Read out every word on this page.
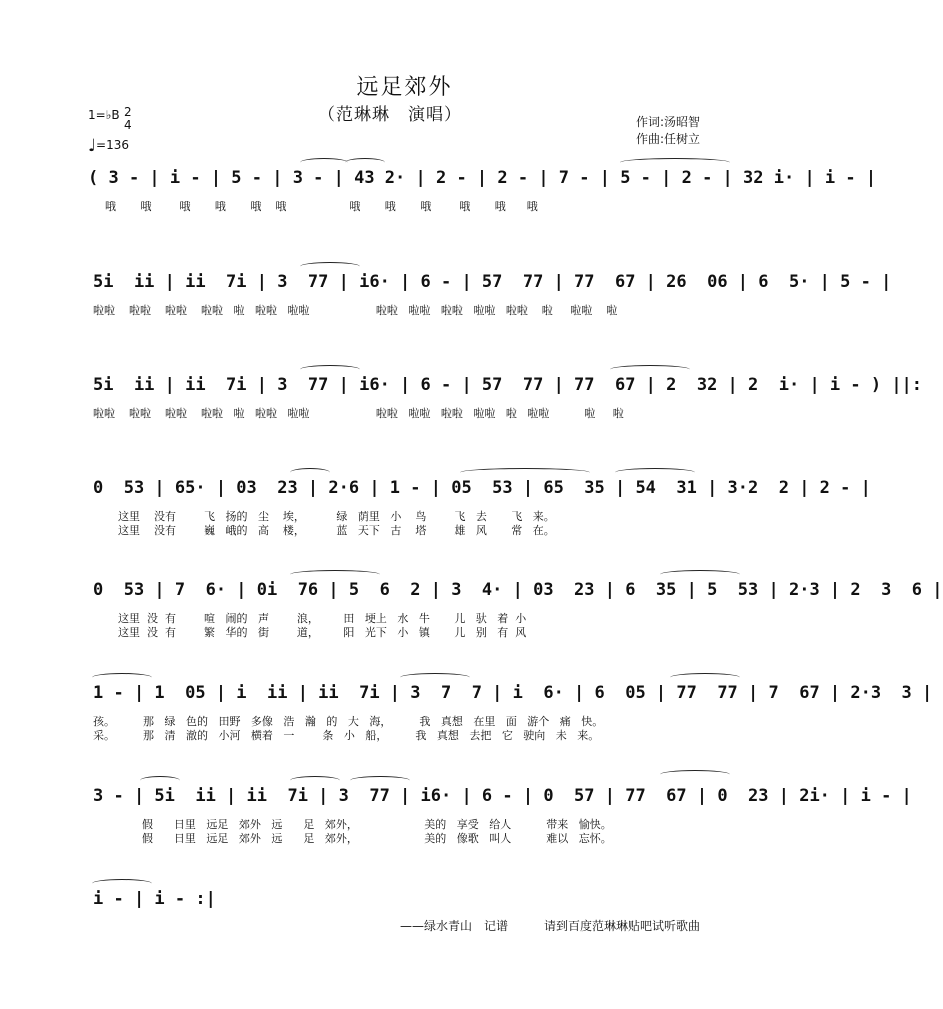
远足郊外
（范琳琳　演唱）	作词:汤昭智
作曲:任树立
1=♭B 2
4
♩=136
( 3 - | i - | 5 - | 3 - | 43 2· | 2 - | 2 - | 7 - | 5 - | 2 - | 32 i· | i - |
哦       哦        哦       哦       哦    哦                  哦       哦       哦        哦       哦      哦
5i  ii | ii  7i | 3  77 | i6· | 6 - | 57  77 | 77  67 | 26  06 | 6  5· | 5 - |
啦啦    啦啦    啦啦    啦啦   啦   啦啦   啦啦                   啦啦   啦啦   啦啦   啦啦   啦啦    啦     啦啦    啦
5i  ii | ii  7i | 3  77 | i6· | 6 - | 57  77 | 77  67 | 2  32 | 2  i· | i - ) ||:
啦啦    啦啦    啦啦    啦啦   啦   啦啦   啦啦                   啦啦   啦啦   啦啦   啦啦   啦   啦啦          啦     啦
0  53 | 65· | 03  23 | 2·6 | 1 - | 05  53 | 65  35 | 54  31 | 3·2  2 | 2 - |
这里    没有        飞   扬的   尘    埃，         绿   荫里   小    鸟        飞   去       飞   来。
这里    没有        巍   峨的   高    楼，         蓝   天下   古    塔        雄   风       常   在。
0  53 | 7  6· | 0i  76 | 5  6  2 | 3  4· | 03  23 | 6  35 | 5  53 | 2·3 | 2  3  6 |
这里  没  有        喧   闹的   声        浪，       田   埂上   水   牛       儿   驮   着  小
这里  没  有        繁   华的   街        道，       阳   光下   小   镇       儿   别   有  风
1 - | 1  05 | i  ii | ii  7i | 3  7  7 | i  6· | 6  05 | 77  77 | 7  67 | 2·3  3 |
孩。        那   绿   色的   田野   多像   浩   瀚   的   大   海，        我   真想   在里   面   游个   痛   快。
采。        那   清   澈的   小河   横着   一        条   小   船，        我   真想   去把   它   驶向   未   来。
3 - | 5i  ii | ii  7i | 3  77 | i6· | 6 - | 0  57 | 77  67 | 0  23 | 2i· | i - |
假      日里   远足   郊外   远      足   郊外，                   美的   享受   给人          带来   愉快。
假      日里   远足   郊外   远      足   郊外，                   美的   像歌   叫人          难以   忘怀。
i - | i - :|
——绿水青山　记谱　　　请到百度范琳琳贴吧试听歌曲
